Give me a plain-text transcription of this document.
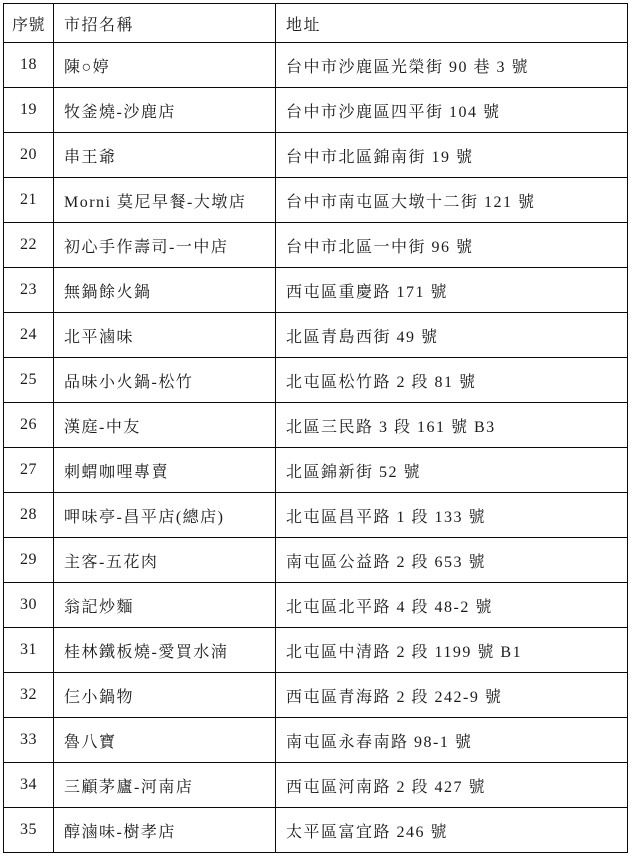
序號	市招名稱	地址
18	陳○婷	台中市沙鹿區光榮街 90 巷 3 號
19	牧釜燒-沙鹿店	台中市沙鹿區四平街 104 號
20	串王爺	台中市北區錦南街 19 號
21	Morni 莫尼早餐-大墩店	台中市南屯區大墩十二街 121 號
22	初心手作壽司-一中店	台中市北區一中街 96 號
23	無鍋餘火鍋	西屯區重慶路 171 號
24	北平滷味	北區青島西街 49 號
25	品味小火鍋-松竹	北屯區松竹路 2 段 81 號
26	漢庭-中友	北區三民路 3 段 161 號 B3
27	刺蝟咖哩專賣	北區錦新街 52 號
28	呷味亭-昌平店(總店)	北屯區昌平路 1 段 133 號
29	主客-五花肉	南屯區公益路 2 段 653 號
30	翁記炒麵	北屯區北平路 4 段 48-2 號
31	桂林鐵板燒-愛買水湳	北屯區中清路 2 段 1199 號 B1
32	仨小鍋物	西屯區青海路 2 段 242-9 號
33	魯八寶	南屯區永春南路 98-1 號
34	三顧茅廬-河南店	西屯區河南路 2 段 427 號
35	醇滷味-樹孝店	太平區富宜路 246 號
